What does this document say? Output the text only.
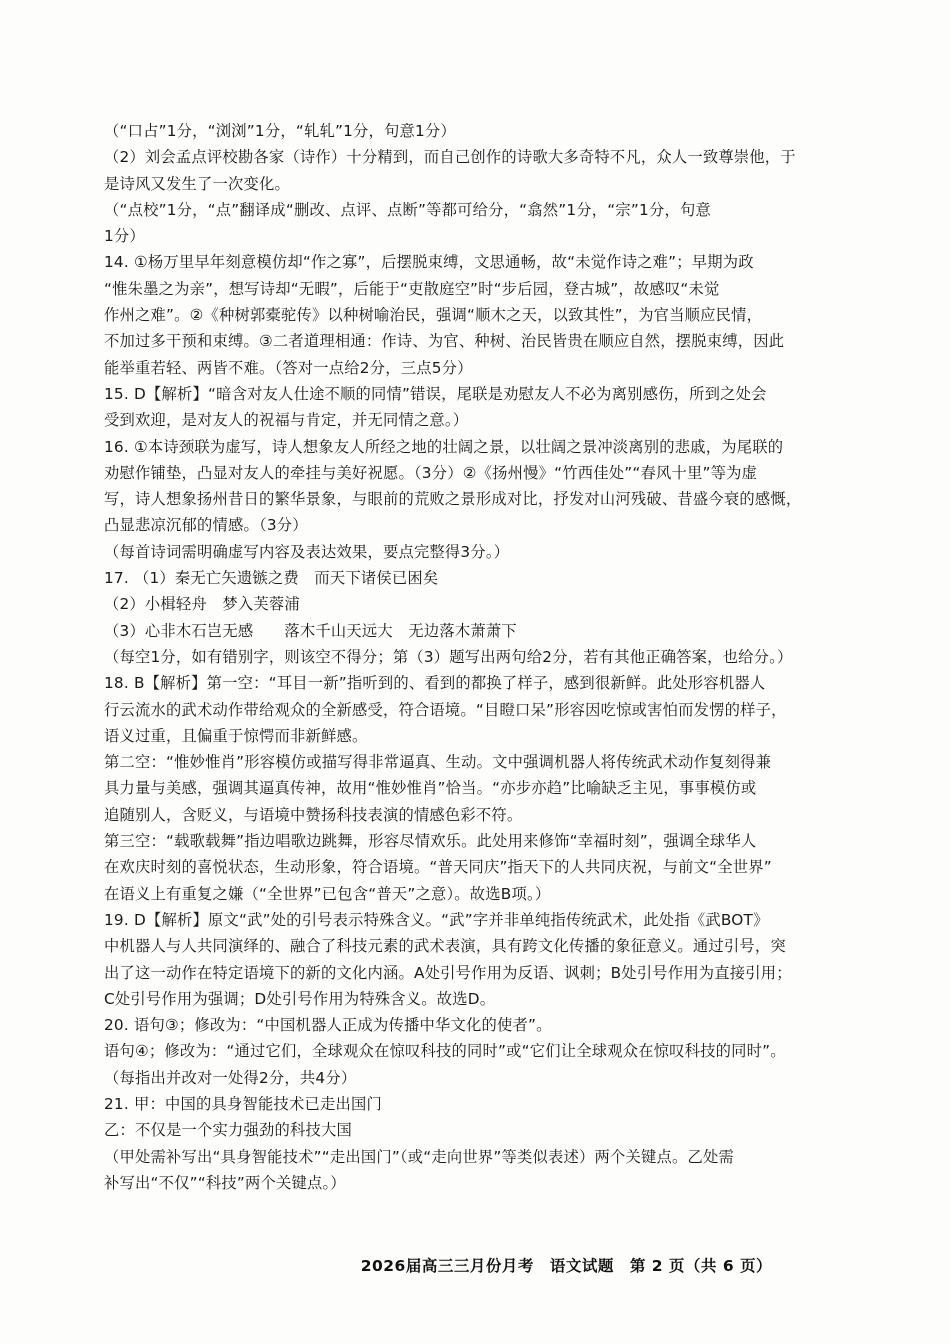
（“口占”1分，“浏浏”1分，“轧轧”1分，句意1分）
（2）刘会孟点评校勘各家（诗作）十分精到，而自己创作的诗歌大多奇特不凡，众人一致尊崇他，于
是诗风又发生了一次变化。
（“点校”1分，“点”翻译成“删改、点评、点断”等都可给分，“翕然”1分，“宗”1分，句意
1分）
14. ①杨万里早年刻意模仿却“作之寡”，后摆脱束缚，文思通畅，故“未觉作诗之难”；早期为政
“惟朱墨之为亲”，想写诗却“无暇”，后能于“吏散庭空”时“步后园，登古城”，故感叹“未觉
作州之难”。②《种树郭橐驼传》以种树喻治民，强调“顺木之天，以致其性”，为官当顺应民情，
不加过多干预和束缚。③二者道理相通：作诗、为官、种树、治民皆贵在顺应自然，摆脱束缚，因此
能举重若轻、两皆不难。（答对一点给2分，三点5分）
15. D【解析】“暗含对友人仕途不顺的同情”错误，尾联是劝慰友人不必为离别感伤，所到之处会
受到欢迎，是对友人的祝福与肯定，并无同情之意。）
16. ①本诗颈联为虚写，诗人想象友人所经之地的壮阔之景，以壮阔之景冲淡离别的悲戚，为尾联的
劝慰作铺垫，凸显对友人的牵挂与美好祝愿。（3分）②《扬州慢》“竹西佳处”“春风十里”等为虚
写，诗人想象扬州昔日的繁华景象，与眼前的荒败之景形成对比，抒发对山河残破、昔盛今衰的感慨，
凸显悲凉沉郁的情感。（3分）
（每首诗词需明确虚写内容及表达效果，要点完整得3分。）
17. （1）秦无亡矢遗镞之费　而天下诸侯已困矣
（2）小楫轻舟　梦入芙蓉浦
（3）心非木石岂无感　　落木千山天远大　无边落木萧萧下
（每空1分，如有错别字，则该空不得分；第（3）题写出两句给2分，若有其他正确答案，也给分。）
18. B【解析】第一空：“耳目一新”指听到的、看到的都换了样子，感到很新鲜。此处形容机器人
行云流水的武术动作带给观众的全新感受，符合语境。“目瞪口呆”形容因吃惊或害怕而发愣的样子，
语义过重，且偏重于惊愕而非新鲜感。
第二空：“惟妙惟肖”形容模仿或描写得非常逼真、生动。文中强调机器人将传统武术动作复刻得兼
具力量与美感，强调其逼真传神，故用“惟妙惟肖”恰当。“亦步亦趋”比喻缺乏主见，事事模仿或
追随别人，含贬义，与语境中赞扬科技表演的情感色彩不符。
第三空：“载歌载舞”指边唱歌边跳舞，形容尽情欢乐。此处用来修饰“幸福时刻”，强调全球华人
在欢庆时刻的喜悦状态，生动形象，符合语境。“普天同庆”指天下的人共同庆祝，与前文“全世界”
在语义上有重复之嫌（“全世界”已包含“普天”之意）。故选B项。）
19. D【解析】原文“武”处的引号表示特殊含义。“武”字并非单纯指传统武术，此处指《武BOT》
中机器人与人共同演绎的、融合了科技元素的武术表演，具有跨文化传播的象征意义。通过引号，突
出了这一动作在特定语境下的新的文化内涵。A处引号作用为反语、讽刺；B处引号作用为直接引用；
C处引号作用为强调；D处引号作用为特殊含义。故选D。
20. 语句③；修改为：“中国机器人正成为传播中华文化的使者”。
语句④；修改为：“通过它们，全球观众在惊叹科技的同时”或“它们让全球观众在惊叹科技的同时”。
（每指出并改对一处得2分，共4分）
21. 甲：中国的具身智能技术已走出国门
乙：不仅是一个实力强劲的科技大国
（甲处需补写出“具身智能技术”“走出国门”（或“走向世界”等类似表述）两个关键点。乙处需
补写出“不仅”“科技”两个关键点。）
2026届高三三月份月考　语文试题　第 2 页（共 6 页）
